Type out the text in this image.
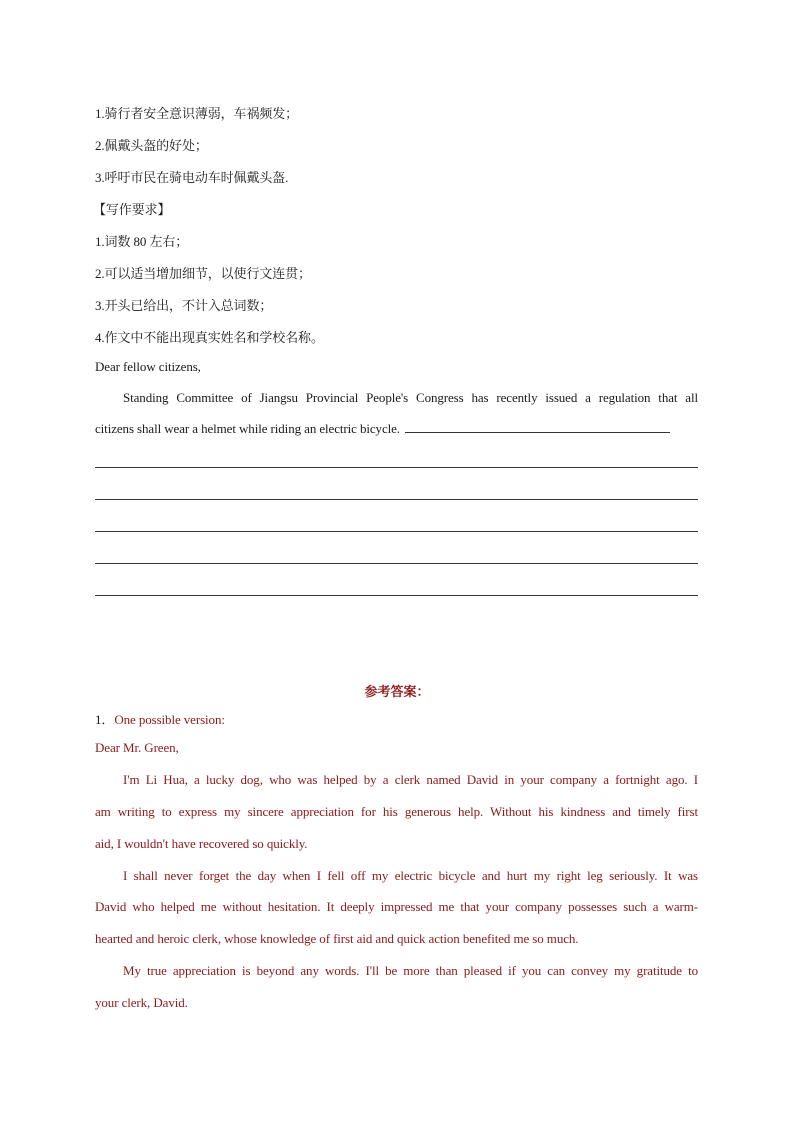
1.骑行者安全意识薄弱，车祸频发；
2.佩戴头盔的好处；
3.呼吁市民在骑电动车时佩戴头盔.
【写作要求】
1.词数 80 左右；
2.可以适当增加细节，以使行文连贯；
3.开头已给出，不计入总词数；
4.作文中不能出现真实姓名和学校名称。
Dear fellow citizens,
Standing Committee of Jiangsu Provincial People's Congress has recently issued a regulation that all
citizens shall wear a helmet while riding an electric bicycle.
参考答案：
1．One possible version:
Dear Mr. Green,
I'm Li Hua, a lucky dog, who was helped by a clerk named David in your company a fortnight ago. I
am writing to express my sincere appreciation for his generous help. Without his kindness and timely first
aid, I wouldn't have recovered so quickly.
I shall never forget the day when I fell off my electric bicycle and hurt my right leg seriously. It was
David who helped me without hesitation. It deeply impressed me that your company possesses such a warm-
hearted and heroic clerk, whose knowledge of first aid and quick action benefited me so much.
My true appreciation is beyond any words. I'll be more than pleased if you can convey my gratitude to
your clerk, David.
